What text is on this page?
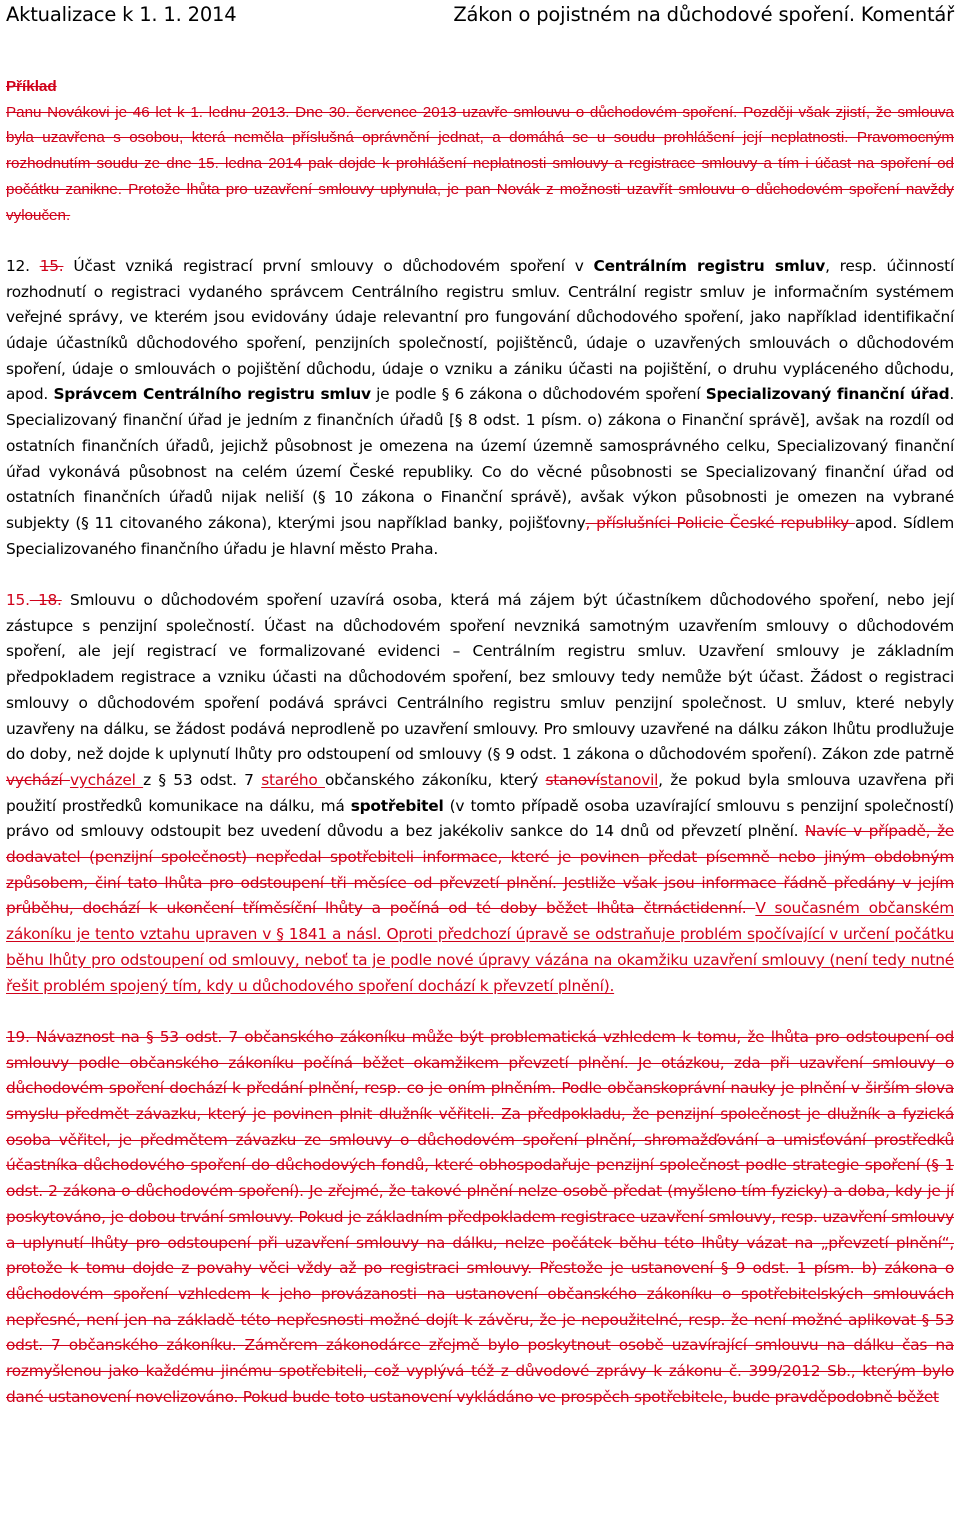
Aktualizace k 1. 1. 2014	Zákon o pojistném na důchodové spoření. Komentář

Příklad

Panu Novákovi je 46 let k 1. lednu 2013. Dne 30. července 2013 uzavře smlouvu o důchodovém spoření. Později však zjistí, že smlouva byla uzavřena s osobou, která neměla příslušná oprávnění jednat, a domáhá se u soudu prohlášení její neplatnosti. Pravomocným rozhodnutím soudu ze dne 15. ledna 2014 pak dojde k prohlášení neplatnosti smlouvy a registrace smlouvy a tím i účast na spoření od počátku zanikne. Protože lhůta pro uzavření smlouvy uplynula, je pan Novák z možnosti uzavřít smlouvu o důchodovém spoření navždy vyloučen.

12. 15. Účast vzniká registrací první smlouvy o důchodovém spoření v Centrálním registru smluv, resp. účinností rozhodnutí o registraci vydaného správcem Centrálního registru smluv. Centrální registr smluv je informačním systémem veřejné správy, ve kterém jsou evidovány údaje relevantní pro fungování důchodového spoření, jako například identifikační údaje účastníků důchodového spoření, penzijních společností, pojištěnců, údaje o uzavřených smlouvách o důchodovém spoření, údaje o smlouvách o pojištění důchodu, údaje o vzniku a zániku účasti na pojištění, o druhu vypláceného důchodu, apod. Správcem Centrálního registru smluv je podle § 6 zákona o důchodovém spoření Specializovaný finanční úřad. Specializovaný finanční úřad je jedním z finančních úřadů [§ 8 odst. 1 písm. o) zákona o Finanční správě], avšak na rozdíl od ostatních finančních úřadů, jejichž působnost je omezena na území územně samosprávného celku, Specializovaný finanční úřad vykonává působnost na celém území České republiky. Co do věcné působnosti se Specializovaný finanční úřad od ostatních finančních úřadů nijak neliší (§ 10 zákona o Finanční správě), avšak výkon působnosti je omezen na vybrané subjekty (§ 11 citovaného zákona), kterými jsou například banky, pojišťovny, příslušníci Policie České republiky apod. Sídlem Specializovaného finančního úřadu je hlavní město Praha.

15. 18. Smlouvu o důchodovém spoření uzavírá osoba, která má zájem být účastníkem důchodového spoření, nebo její zástupce s penzijní společností. Účast na důchodovém spoření nevzniká samotným uzavřením smlouvy o důchodovém spoření, ale její registrací ve formalizované evidenci – Centrálním registru smluv. Uzavření smlouvy je základním předpokladem registrace a vzniku účasti na důchodovém spoření, bez smlouvy tedy nemůže být účast. Žádost o registraci smlouvy o důchodovém spoření podává správci Centrálního registru smluv penzijní společnost. U smluv, které nebyly uzavřeny na dálku, se žádost podává neprodleně po uzavření smlouvy. Pro smlouvy uzavřené na dálku zákon lhůtu prodlužuje do doby, než dojde k uplynutí lhůty pro odstoupení od smlouvy (§ 9 odst. 1 zákona o důchodovém spoření). Zákon zde patrně vychází vycházel z § 53 odst. 7 starého občanského zákoníku, který stanovístanovil, že pokud byla smlouva uzavřena při použití prostředků komunikace na dálku, má spotřebitel (v tomto případě osoba uzavírající smlouvu s penzijní společností) právo od smlouvy odstoupit bez uvedení důvodu a bez jakékoliv sankce do 14 dnů od převzetí plnění. Navíc v případě, že dodavatel (penzijní společnost) nepředal spotřebiteli informace, které je povinen předat písemně nebo jiným obdobným způsobem, činí tato lhůta pro odstoupení tři měsíce od převzetí plnění. Jestliže však jsou informace řádně předány v jejím průběhu, dochází k ukončení tříměsíční lhůty a počíná od té doby běžet lhůta čtrnáctidenní. V současném občanském zákoníku je tento vztahu upraven v § 1841 a násl. Oproti předchozí úpravě se odstraňuje problém spočívající v určení počátku běhu lhůty pro odstoupení od smlouvy, neboť ta je podle nové úpravy vázána na okamžiku uzavření smlouvy (není tedy nutné řešit problém spojený tím, kdy u důchodového spoření dochází k převzetí plnění).

19. Návaznost na § 53 odst. 7 občanského zákoníku může být problematická vzhledem k tomu, že lhůta pro odstoupení od smlouvy podle občanského zákoníku počíná běžet okamžikem převzetí plnění. Je otázkou, zda při uzavření smlouvy o důchodovém spoření dochází k předání plnění, resp. co je oním plněním. Podle občanskoprávní nauky je plnění v širším slova smyslu předmět závazku, který je povinen plnit dlužník věřiteli. Za předpokladu, že penzijní společnost je dlužník a fyzická osoba věřitel, je předmětem závazku ze smlouvy o důchodovém spoření plnění, shromažďování a umisťování prostředků účastníka důchodového spoření do důchodových fondů, které obhospodařuje penzijní společnost podle strategie spoření (§ 1 odst. 2 zákona o důchodovém spoření). Je zřejmé, že takové plnění nelze osobě předat (myšleno tím fyzicky) a doba, kdy je jí poskytováno, je dobou trvání smlouvy. Pokud je základním předpokladem registrace uzavření smlouvy, resp. uzavření smlouvy a uplynutí lhůty pro odstoupení při uzavření smlouvy na dálku, nelze počátek běhu této lhůty vázat na „převzetí plnění“, protože k tomu dojde z povahy věci vždy až po registraci smlouvy. Přestože je ustanovení § 9 odst. 1 písm. b) zákona o důchodovém spoření vzhledem k jeho provázanosti na ustanovení občanského zákoníku o spotřebitelských smlouvách nepřesné, není jen na základě této nepřesnosti možné dojít k závěru, že je nepoužitelné, resp. že není možné aplikovat § 53 odst. 7 občanského zákoníku. Záměrem zákonodárce zřejmě bylo poskytnout osobě uzavírající smlouvu na dálku čas na rozmyšlenou jako každému jinému spotřebiteli, což vyplývá též z důvodové zprávy k zákonu č. 399/2012 Sb., kterým bylo dané ustanovení novelizováno. Pokud bude toto ustanovení vykládáno ve prospěch spotřebitele, bude pravděpodobně běžet
